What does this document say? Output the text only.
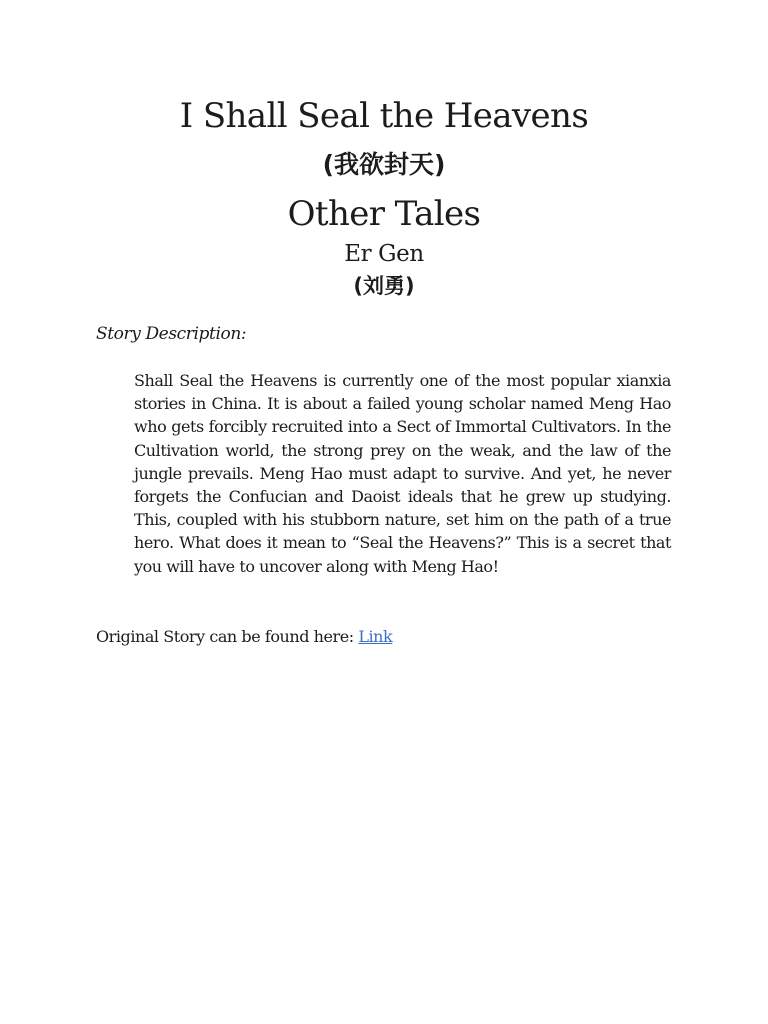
I Shall Seal the Heavens

(我欲封天)

Other Tales

Er Gen

(刘勇)

Story Description:

Shall Seal the Heavens is currently one of the most popular xianxia stories in China. It is about a failed young scholar named Meng Hao who gets forcibly recruited into a Sect of Immortal Cultivators. In the Cultivation world, the strong prey on the weak, and the law of the jungle prevails. Meng Hao must adapt to survive. And yet, he never forgets the Confucian and Daoist ideals that he grew up studying. This, coupled with his stubborn nature, set him on the path of a true hero. What does it mean to “Seal the Heavens?” This is a secret that you will have to uncover along with Meng Hao!

Original Story can be found here: Link
